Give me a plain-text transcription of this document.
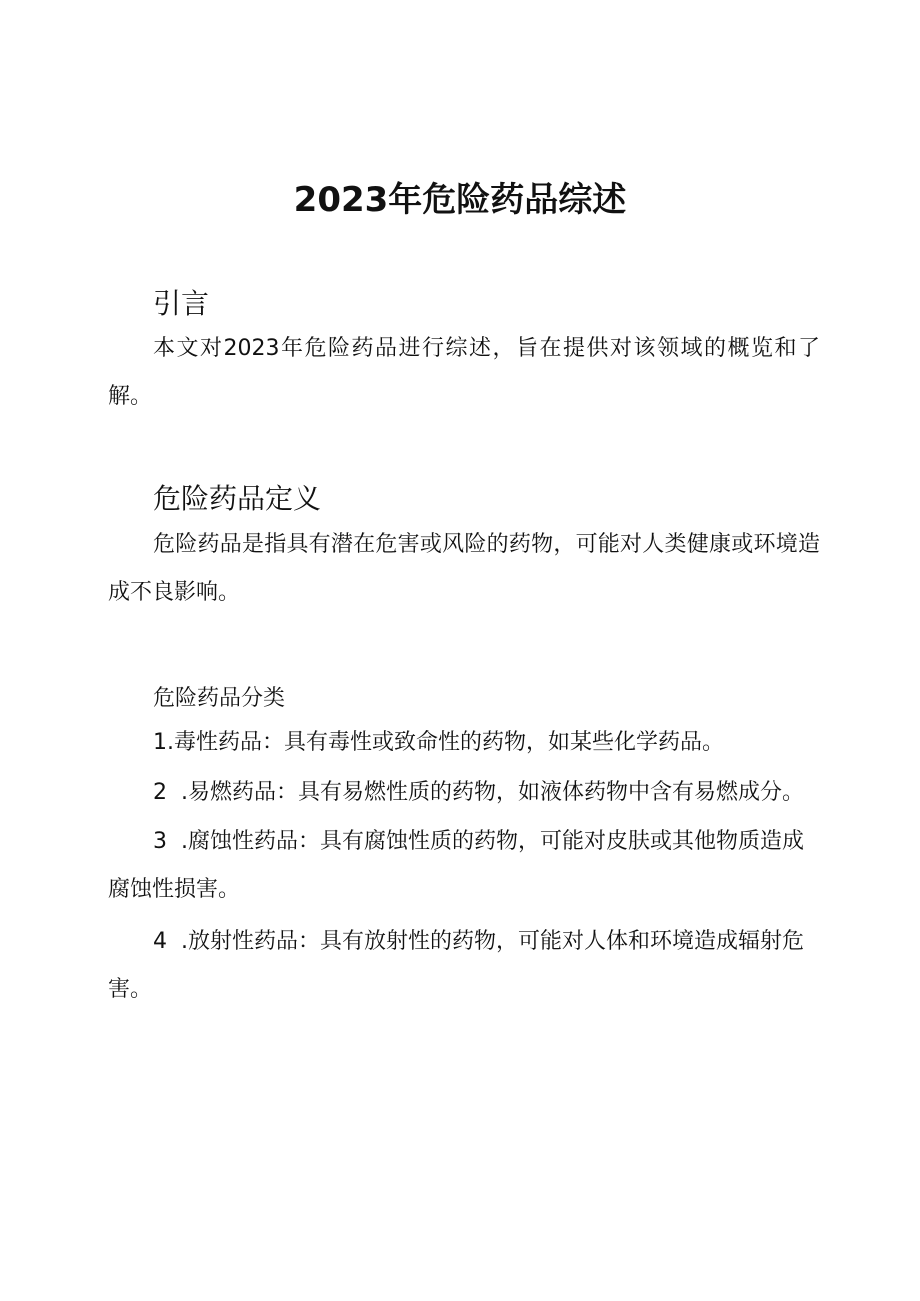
2023年危险药品综述
引言
本文对2023年危险药品进行综述，旨在提供对该领域的概览和了解。
危险药品定义
危险药品是指具有潜在危害或风险的药物，可能对人类健康或环境造成不良影响。
危险药品分类
1.毒性药品：具有毒性或致命性的药物，如某些化学药品。
2  .易燃药品：具有易燃性质的药物，如液体药物中含有易燃成分。
3  .腐蚀性药品：具有腐蚀性质的药物，可能对皮肤或其他物质造成腐蚀性损害。
4  .放射性药品：具有放射性的药物，可能对人体和环境造成辐射危害。
